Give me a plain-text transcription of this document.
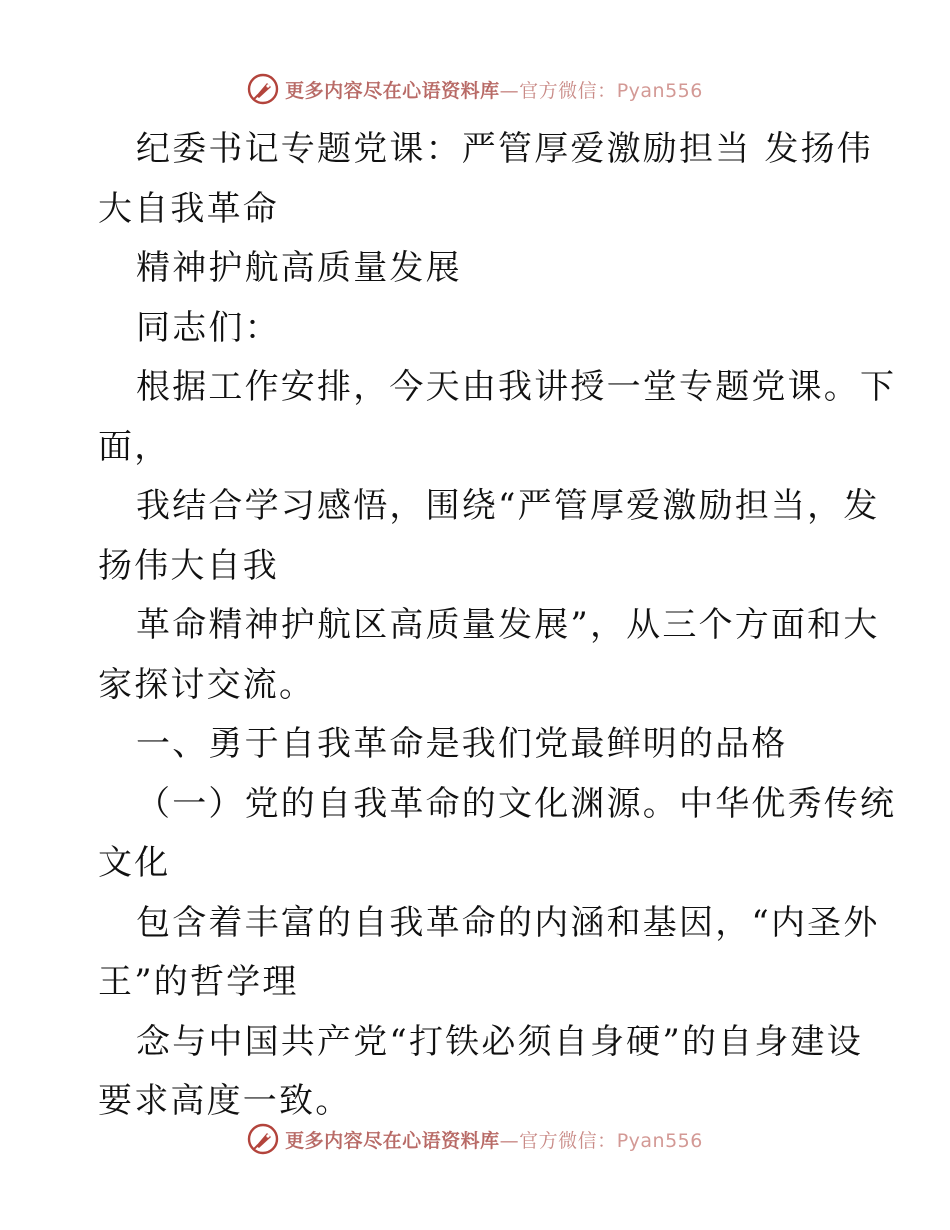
更多内容尽在心语资料库—官方微信：Pyan556
纪委书记专题党课：严管厚爱激励担当 发扬伟
大自我革命
精神护航高质量发展
同志们：
根据工作安排，今天由我讲授一堂专题党课。下
面，
我结合学习感悟，围绕“严管厚爱激励担当，发
扬伟大自我
革命精神护航区高质量发展”，从三个方面和大
家探讨交流。
一、勇于自我革命是我们党最鲜明的品格
（一）党的自我革命的文化渊源。中华优秀传统
文化
包含着丰富的自我革命的内涵和基因，“内圣外
王”的哲学理
念与中国共产党“打铁必须自身硬”的自身建设
要求高度一致。
更多内容尽在心语资料库—官方微信：Pyan556
